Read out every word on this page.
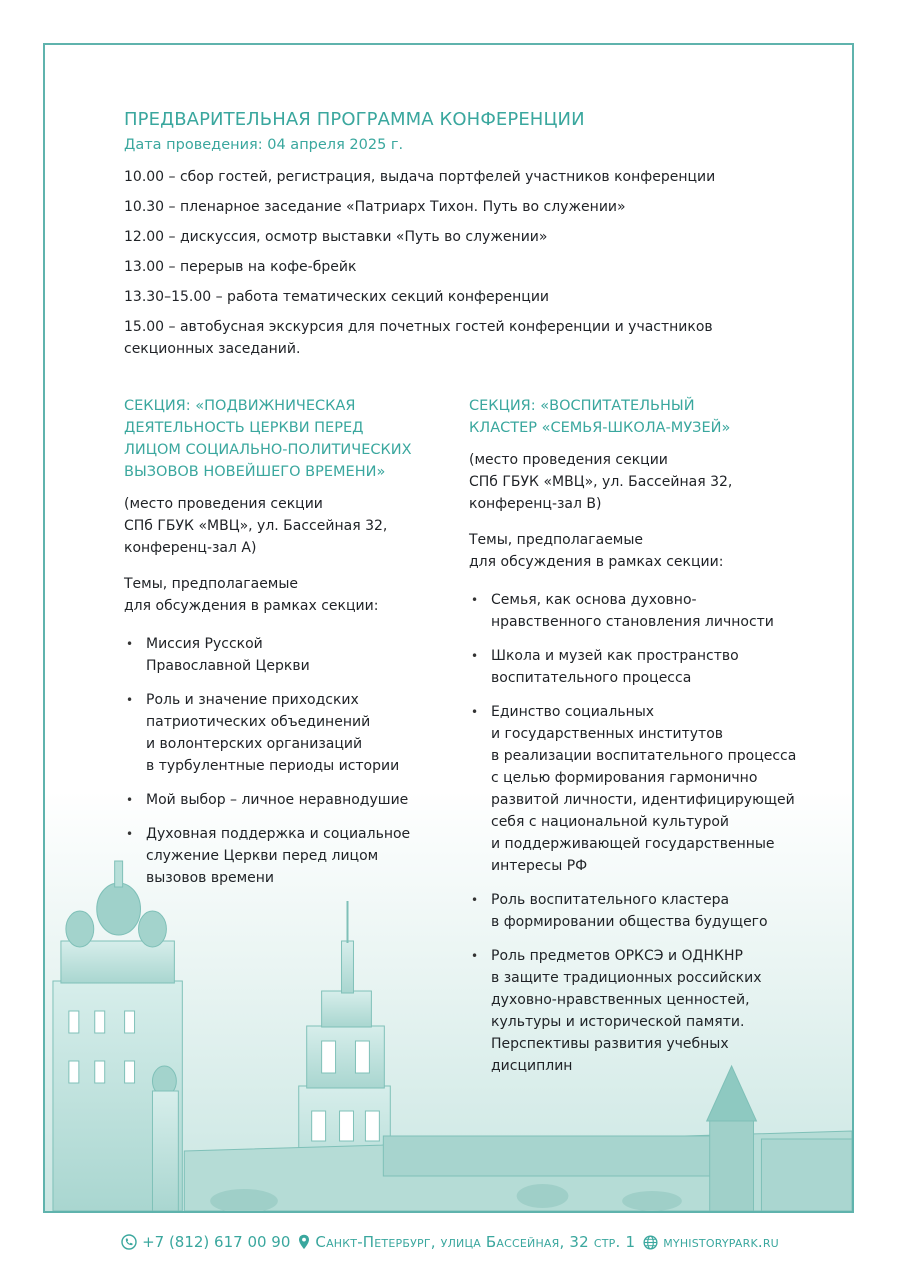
ПРЕДВАРИТЕЛЬНАЯ ПРОГРАММА КОНФЕРЕНЦИИ

Дата проведения: 04 апреля 2025 г.

10.00 – сбор гостей, регистрация, выдача портфелей участников конференции
10.30 – пленарное заседание «Патриарх Тихон. Путь во служении»
12.00 – дискуссия, осмотр выставки «Путь во служении»
13.00 – перерыв на кофе-брейк
13.30–15.00 – работа тематических секций конференции
15.00 – автобусная экскурсия для почетных гостей конференции и участников секционных заседаний.
СЕКЦИЯ: «ПОДВИЖНИЧЕСКАЯ
ДЕЯТЕЛЬНОСТЬ ЦЕРКВИ ПЕРЕД
ЛИЦОМ СОЦИАЛЬНО-ПОЛИТИЧЕСКИХ
ВЫЗОВОВ НОВЕЙШЕГО ВРЕМЕНИ»

(место проведения секции
СПб ГБУК «МВЦ», ул. Бассейная 32,
конференц-зал А)

Темы, предполагаемые
для обсуждения в рамках секции:

• Миссия Русской
Православной Церкви
• Роль и значение приходских
патриотических объединений
и волонтерских организаций
в турбулентные периоды истории
• Мой выбор – личное неравнодушие
• Духовная поддержка и социальное
служение Церкви перед лицом
вызовов времени
СЕКЦИЯ: «ВОСПИТАТЕЛЬНЫЙ
КЛАСТЕР «СЕМЬЯ-ШКОЛА-МУЗЕЙ»

(место проведения секции
СПб ГБУК «МВЦ», ул. Бассейная 32,
конференц-зал В)

Темы, предполагаемые
для обсуждения в рамках секции:

• Семья, как основа духовно-
нравственного становления личности
• Школа и музей как пространство
воспитательного процесса
• Единство социальных
и государственных институтов
в реализации воспитательного процесса
с целью формирования гармонично
развитой личности, идентифицирующей
себя с национальной культурой
и поддерживающей государственные
интересы РФ
• Роль воспитательного кластера
в формировании общества будущего
• Роль предметов ОРКСЭ и ОДНКНР
в защите традиционных российских
духовно-нравственных ценностей,
культуры и исторической памяти.
Перспективы развития учебных
дисциплин
+7 (812) 617 00 90 Санкт-Петербург, улица Бассейная, 32 стр. 1 myhistorypark.ru
